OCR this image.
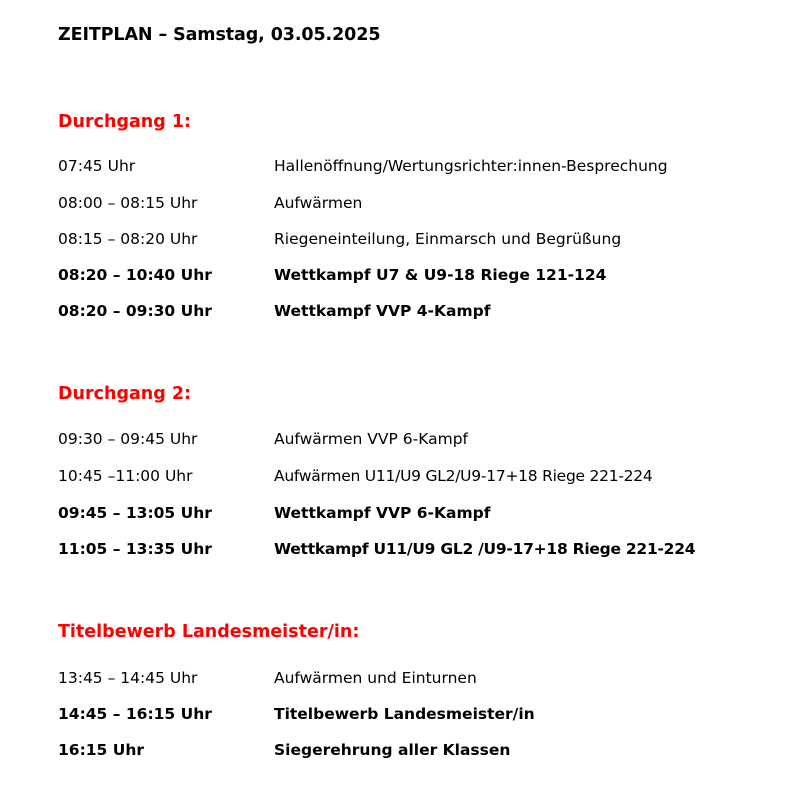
ZEITPLAN – Samstag, 03.05.2025
Durchgang 1:
07:45 Uhr	Hallenöffnung/Wertungsrichter:innen-Besprechung
08:00 – 08:15 Uhr	Aufwärmen
08:15 – 08:20 Uhr	Riegeneinteilung, Einmarsch und Begrüßung
08:20 – 10:40 Uhr	Wettkampf U7 & U9-18 Riege 121-124
08:20 – 09:30 Uhr	Wettkampf VVP 4-Kampf
Durchgang 2:
09:30 – 09:45 Uhr	Aufwärmen VVP 6-Kampf
10:45 –11:00 Uhr	Aufwärmen U11/U9 GL2/U9-17+18 Riege 221-224
09:45 – 13:05 Uhr	Wettkampf VVP 6-Kampf
11:05 – 13:35 Uhr	Wettkampf U11/U9 GL2 /U9-17+18 Riege 221-224
Titelbewerb Landesmeister/in:
13:45 – 14:45 Uhr	Aufwärmen und Einturnen
14:45 – 16:15 Uhr	Titelbewerb Landesmeister/in
16:15 Uhr	Siegerehrung aller Klassen
